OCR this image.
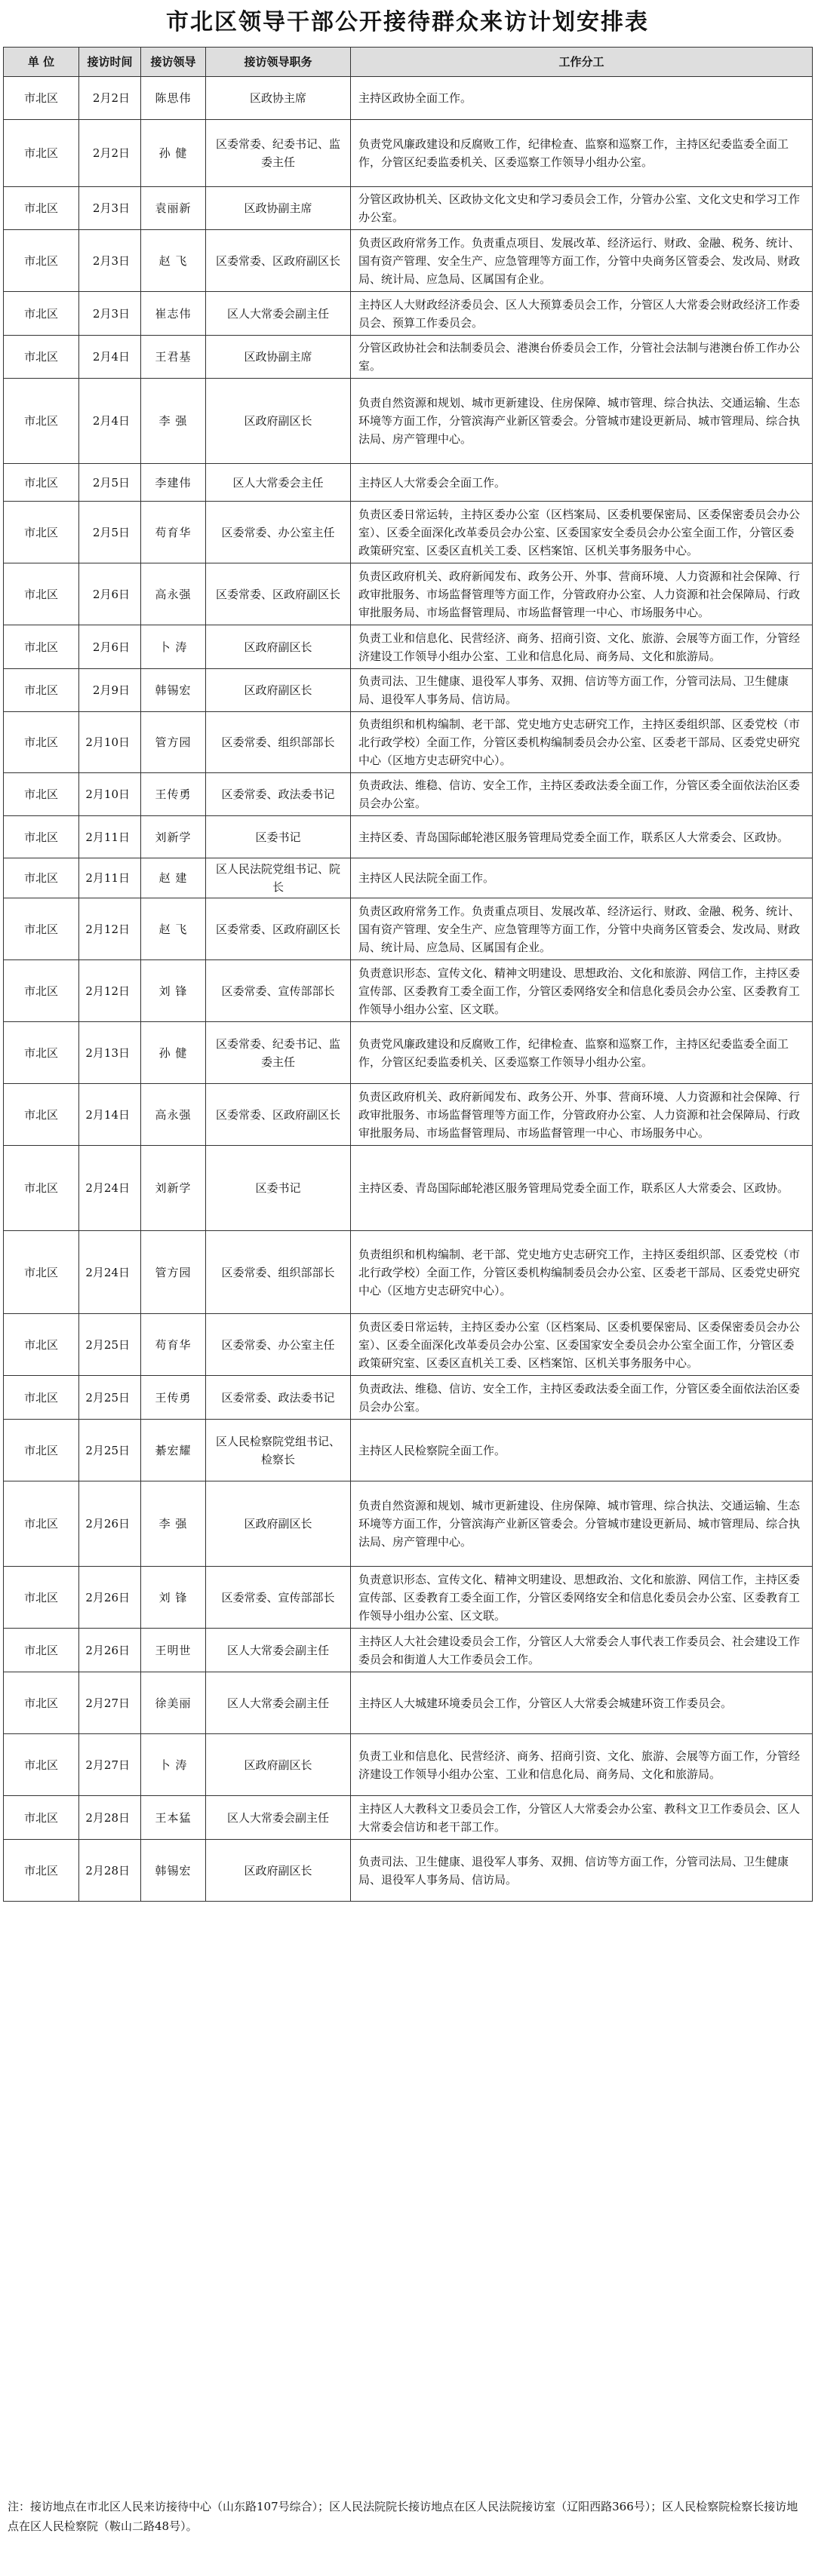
市北区领导干部公开接待群众来访计划安排表
单 位	接访时间	接访领导	接访领导职务	工作分工
市北区	2月2日	陈思伟	区政协主席	主持区政协全面工作。
市北区	2月2日	孙 健	区委常委、纪委书记、监委主任	负责党风廉政建设和反腐败工作，纪律检查、监察和巡察工作，主持区纪委监委全面工作，分管区纪委监委机关、区委巡察工作领导小组办公室。
市北区	2月3日	袁丽新	区政协副主席	分管区政协机关、区政协文化文史和学习委员会工作，分管办公室、文化文史和学习工作办公室。
市北区	2月3日	赵 飞	区委常委、区政府副区长	负责区政府常务工作。负责重点项目、发展改革、经济运行、财政、金融、税务、统计、国有资产管理、安全生产、应急管理等方面工作，分管中央商务区管委会、发改局、财政局、统计局、应急局、区属国有企业。
市北区	2月3日	崔志伟	区人大常委会副主任	主持区人大财政经济委员会、区人大预算委员会工作，分管区人大常委会财政经济工作委员会、预算工作委员会。
市北区	2月4日	王君基	区政协副主席	分管区政协社会和法制委员会、港澳台侨委员会工作，分管社会法制与港澳台侨工作办公室。
市北区	2月4日	李 强	区政府副区长	负责自然资源和规划、城市更新建设、住房保障、城市管理、综合执法、交通运输、生态环境等方面工作，分管滨海产业新区管委会。分管城市建设更新局、城市管理局、综合执法局、房产管理中心。
市北区	2月5日	李建伟	区人大常委会主任	主持区人大常委会全面工作。
市北区	2月5日	苟育华	区委常委、办公室主任	负责区委日常运转，主持区委办公室（区档案局、区委机要保密局、区委保密委员会办公室）、区委全面深化改革委员会办公室、区委国家安全委员会办公室全面工作，分管区委政策研究室、区委区直机关工委、区档案馆、区机关事务服务中心。
市北区	2月6日	高永强	区委常委、区政府副区长	负责区政府机关、政府新闻发布、政务公开、外事、营商环境、人力资源和社会保障、行政审批服务、市场监督管理等方面工作，分管政府办公室、人力资源和社会保障局、行政审批服务局、市场监督管理局、市场监督管理一中心、市场服务中心。
市北区	2月6日	卜 涛	区政府副区长	负责工业和信息化、民营经济、商务、招商引资、文化、旅游、会展等方面工作，分管经济建设工作领导小组办公室、工业和信息化局、商务局、文化和旅游局。
市北区	2月9日	韩锡宏	区政府副区长	负责司法、卫生健康、退役军人事务、双拥、信访等方面工作，分管司法局、卫生健康局、退役军人事务局、信访局。
市北区	2月10日	管方园	区委常委、组织部部长	负责组织和机构编制、老干部、党史地方史志研究工作，主持区委组织部、区委党校（市北行政学校）全面工作，分管区委机构编制委员会办公室、区委老干部局、区委党史研究中心（区地方史志研究中心）。
市北区	2月10日	王传勇	区委常委、政法委书记	负责政法、维稳、信访、安全工作，主持区委政法委全面工作，分管区委全面依法治区委员会办公室。
市北区	2月11日	刘新学	区委书记	主持区委、青岛国际邮轮港区服务管理局党委全面工作，联系区人大常委会、区政协。
市北区	2月11日	赵 建	区人民法院党组书记、院长	主持区人民法院全面工作。
市北区	2月12日	赵 飞	区委常委、区政府副区长	负责区政府常务工作。负责重点项目、发展改革、经济运行、财政、金融、税务、统计、国有资产管理、安全生产、应急管理等方面工作，分管中央商务区管委会、发改局、财政局、统计局、应急局、区属国有企业。
市北区	2月12日	刘 锋	区委常委、宣传部部长	负责意识形态、宣传文化、精神文明建设、思想政治、文化和旅游、网信工作，主持区委宣传部、区委教育工委全面工作，分管区委网络安全和信息化委员会办公室、区委教育工作领导小组办公室、区文联。
市北区	2月13日	孙 健	区委常委、纪委书记、监委主任	负责党风廉政建设和反腐败工作，纪律检查、监察和巡察工作，主持区纪委监委全面工作，分管区纪委监委机关、区委巡察工作领导小组办公室。
市北区	2月14日	高永强	区委常委、区政府副区长	负责区政府机关、政府新闻发布、政务公开、外事、营商环境、人力资源和社会保障、行政审批服务、市场监督管理等方面工作，分管政府办公室、人力资源和社会保障局、行政审批服务局、市场监督管理局、市场监督管理一中心、市场服务中心。
市北区	2月24日	刘新学	区委书记	主持区委、青岛国际邮轮港区服务管理局党委全面工作，联系区人大常委会、区政协。
市北区	2月24日	管方园	区委常委、组织部部长	负责组织和机构编制、老干部、党史地方史志研究工作，主持区委组织部、区委党校（市北行政学校）全面工作，分管区委机构编制委员会办公室、区委老干部局、区委党史研究中心（区地方史志研究中心）。
市北区	2月25日	苟育华	区委常委、办公室主任	负责区委日常运转，主持区委办公室（区档案局、区委机要保密局、区委保密委员会办公室）、区委全面深化改革委员会办公室、区委国家安全委员会办公室全面工作，分管区委政策研究室、区委区直机关工委、区档案馆、区机关事务服务中心。
市北区	2月25日	王传勇	区委常委、政法委书记	负责政法、维稳、信访、安全工作，主持区委政法委全面工作，分管区委全面依法治区委员会办公室。
市北区	2月25日	綦宏耀	区人民检察院党组书记、检察长	主持区人民检察院全面工作。
市北区	2月26日	李 强	区政府副区长	负责自然资源和规划、城市更新建设、住房保障、城市管理、综合执法、交通运输、生态环境等方面工作，分管滨海产业新区管委会。分管城市建设更新局、城市管理局、综合执法局、房产管理中心。
市北区	2月26日	刘 锋	区委常委、宣传部部长	负责意识形态、宣传文化、精神文明建设、思想政治、文化和旅游、网信工作，主持区委宣传部、区委教育工委全面工作，分管区委网络安全和信息化委员会办公室、区委教育工作领导小组办公室、区文联。
市北区	2月26日	王明世	区人大常委会副主任	主持区人大社会建设委员会工作，分管区人大常委会人事代表工作委员会、社会建设工作委员会和街道人大工作委员会工作。
市北区	2月27日	徐美丽	区人大常委会副主任	主持区人大城建环境委员会工作，分管区人大常委会城建环资工作委员会。
市北区	2月27日	卜 涛	区政府副区长	负责工业和信息化、民营经济、商务、招商引资、文化、旅游、会展等方面工作，分管经济建设工作领导小组办公室、工业和信息化局、商务局、文化和旅游局。
市北区	2月28日	王本猛	区人大常委会副主任	主持区人大教科文卫委员会工作，分管区人大常委会办公室、教科文卫工作委员会、区人大常委会信访和老干部工作。
市北区	2月28日	韩锡宏	区政府副区长	负责司法、卫生健康、退役军人事务、双拥、信访等方面工作，分管司法局、卫生健康局、退役军人事务局、信访局。
注：接访地点在市北区人民来访接待中心（山东路107号综合）；区人民法院院长接访地点在区人民法院接访室（辽阳西路366号）；区人民检察院检察长接访地点在区人民检察院（鞍山二路48号）。
